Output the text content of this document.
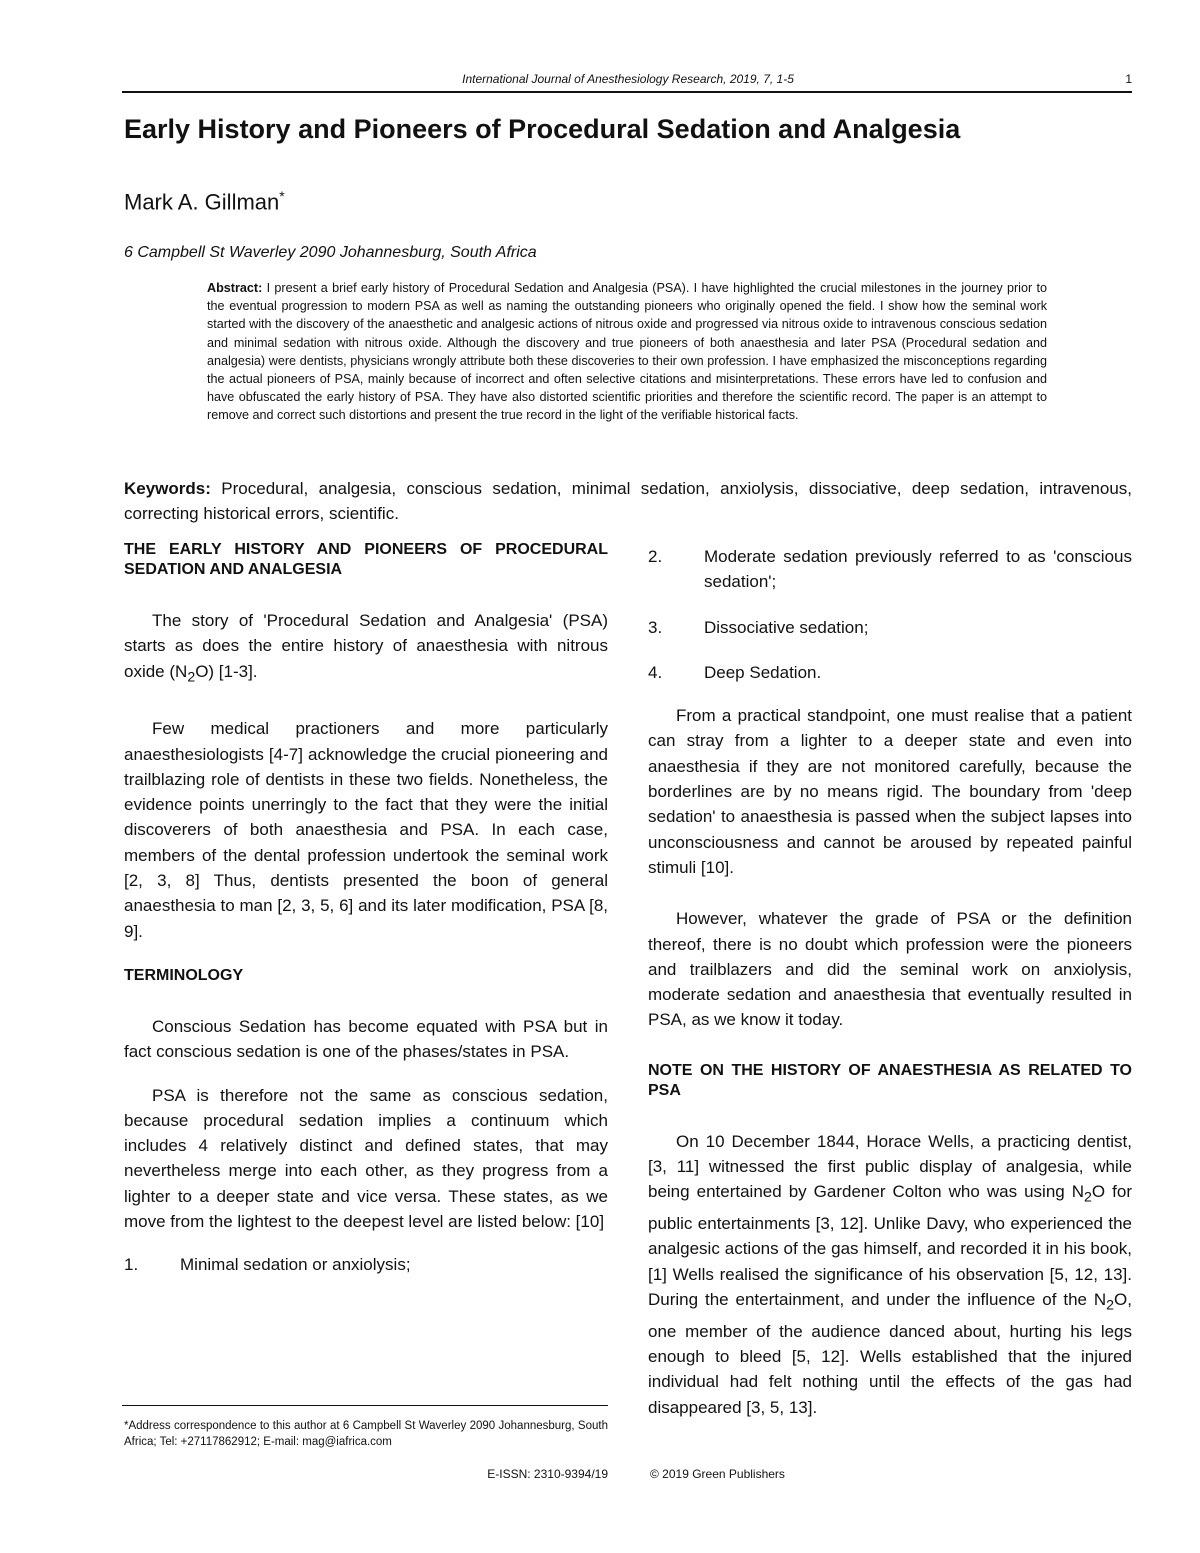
International Journal of Anesthesiology Research, 2019, 7, 1-5	1
Early History and Pioneers of Procedural Sedation and Analgesia
Mark A. Gillman*
6 Campbell St Waverley 2090 Johannesburg, South Africa

Abstract: I present a brief early history of Procedural Sedation and Analgesia (PSA). I have highlighted the crucial milestones in the journey prior to the eventual progression to modern PSA as well as naming the outstanding pioneers who originally opened the field. I show how the seminal work started with the discovery of the anaesthetic and analgesic actions of nitrous oxide and progressed via nitrous oxide to intravenous conscious sedation and minimal sedation with nitrous oxide. Although the discovery and true pioneers of both anaesthesia and later PSA (Procedural sedation and analgesia) were dentists, physicians wrongly attribute both these discoveries to their own profession. I have emphasized the misconceptions regarding the actual pioneers of PSA, mainly because of incorrect and often selective citations and misinterpretations. These errors have led to confusion and have obfuscated the early history of PSA. They have also distorted scientific priorities and therefore the scientific record. The paper is an attempt to remove and correct such distortions and present the true record in the light of the verifiable historical facts.

Keywords: Procedural, analgesia, conscious sedation, minimal sedation, anxiolysis, dissociative, deep sedation, intravenous, correcting historical errors, scientific.

THE EARLY HISTORY AND PIONEERS OF PROCEDURAL SEDATION AND ANALGESIA

The story of 'Procedural Sedation and Analgesia' (PSA) starts as does the entire history of anaesthesia with nitrous oxide $(N_2O)$ [1-3].

Few medical practioners and more particularly anaesthesiologists [4-7] acknowledge the crucial pioneering and trailblazing role of dentists in these two fields. Nonetheless, the evidence points unerringly to the fact that they were the initial discoverers of both anaesthesia and PSA. In each case, members of the dental profession undertook the seminal work [2, 3, 8] Thus, dentists presented the boon of general anaesthesia to man [2, 3, 5, 6] and its later modification, PSA [8, 9].

TERMINOLOGY

Conscious Sedation has become equated with PSA but in fact conscious sedation is one of the phases/states in PSA.

PSA is therefore not the same as conscious sedation, because procedural sedation implies a continuum which includes 4 relatively distinct and defined states, that may nevertheless merge into each other, as they progress from a lighter to a deeper state and vice versa. These states, as we move from the lightest to the deepest level are listed below: [10]

1.	Minimal sedation or anxiolysis;
2.	Moderate sedation previously referred to as 'conscious sedation';
3.	Dissociative sedation;
4.	Deep Sedation.

From a practical standpoint, one must realise that a patient can stray from a lighter to a deeper state and even into anaesthesia if they are not monitored carefully, because the borderlines are by no means rigid. The boundary from 'deep sedation' to anaesthesia is passed when the subject lapses into unconsciousness and cannot be aroused by repeated painful stimuli [10].

However, whatever the grade of PSA or the definition thereof, there is no doubt which profession were the pioneers and trailblazers and did the seminal work on anxiolysis, moderate sedation and anaesthesia that eventually resulted in PSA, as we know it today.

NOTE ON THE HISTORY OF ANAESTHESIA AS RELATED TO PSA

On 10 December 1844, Horace Wells, a practicing dentist, [3, 11] witnessed the first public display of analgesia, while being entertained by Gardener Colton who was using $N_2O$ for public entertainments [3, 12]. Unlike Davy, who experienced the analgesic actions of the gas himself, and recorded it in his book, [1] Wells realised the significance of his observation [5, 12, 13]. During the entertainment, and under the influence of the $N_2O$, one member of the audience danced about, hurting his legs enough to bleed [5, 12]. Wells established that the injured individual had felt nothing until the effects of the gas had disappeared [3, 5, 13].

*Address correspondence to this author at 6 Campbell St Waverley 2090 Johannesburg, South Africa; Tel: +27117862912; E-mail: mag@iafrica.com

E-ISSN: 2310-9394/19	© 2019 Green Publishers
